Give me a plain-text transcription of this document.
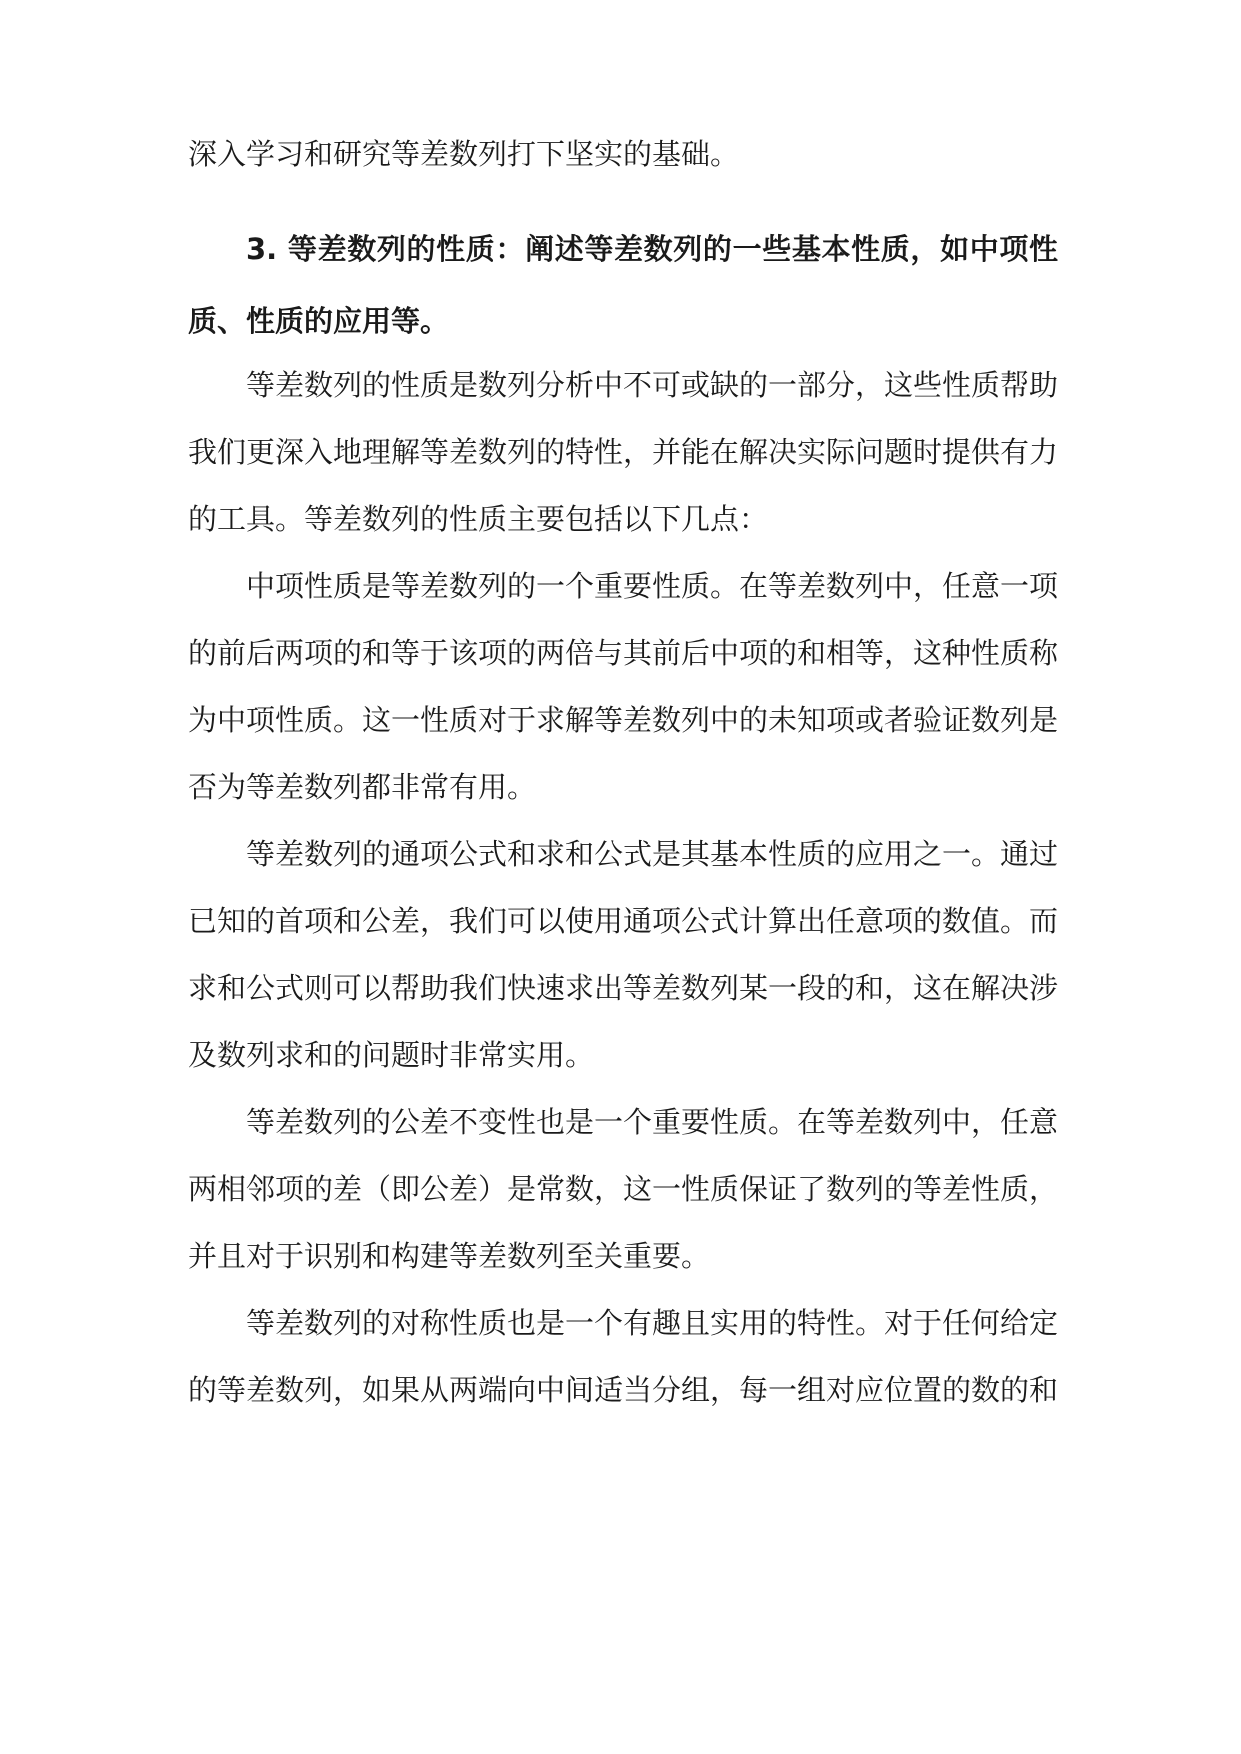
深入学习和研究等差数列打下坚实的基础。
3. 等差数列的性质：阐述等差数列的一些基本性质，如中项性
质、性质的应用等。
等差数列的性质是数列分析中不可或缺的一部分，这些性质帮助
我们更深入地理解等差数列的特性，并能在解决实际问题时提供有力
的工具。等差数列的性质主要包括以下几点：
中项性质是等差数列的一个重要性质。在等差数列中，任意一项
的前后两项的和等于该项的两倍与其前后中项的和相等，这种性质称
为中项性质。这一性质对于求解等差数列中的未知项或者验证数列是
否为等差数列都非常有用。
等差数列的通项公式和求和公式是其基本性质的应用之一。通过
已知的首项和公差，我们可以使用通项公式计算出任意项的数值。而
求和公式则可以帮助我们快速求出等差数列某一段的和，这在解决涉
及数列求和的问题时非常实用。
等差数列的公差不变性也是一个重要性质。在等差数列中，任意
两相邻项的差（即公差）是常数，这一性质保证了数列的等差性质，
并且对于识别和构建等差数列至关重要。
等差数列的对称性质也是一个有趣且实用的特性。对于任何给定
的等差数列，如果从两端向中间适当分组，每一组对应位置的数的和
